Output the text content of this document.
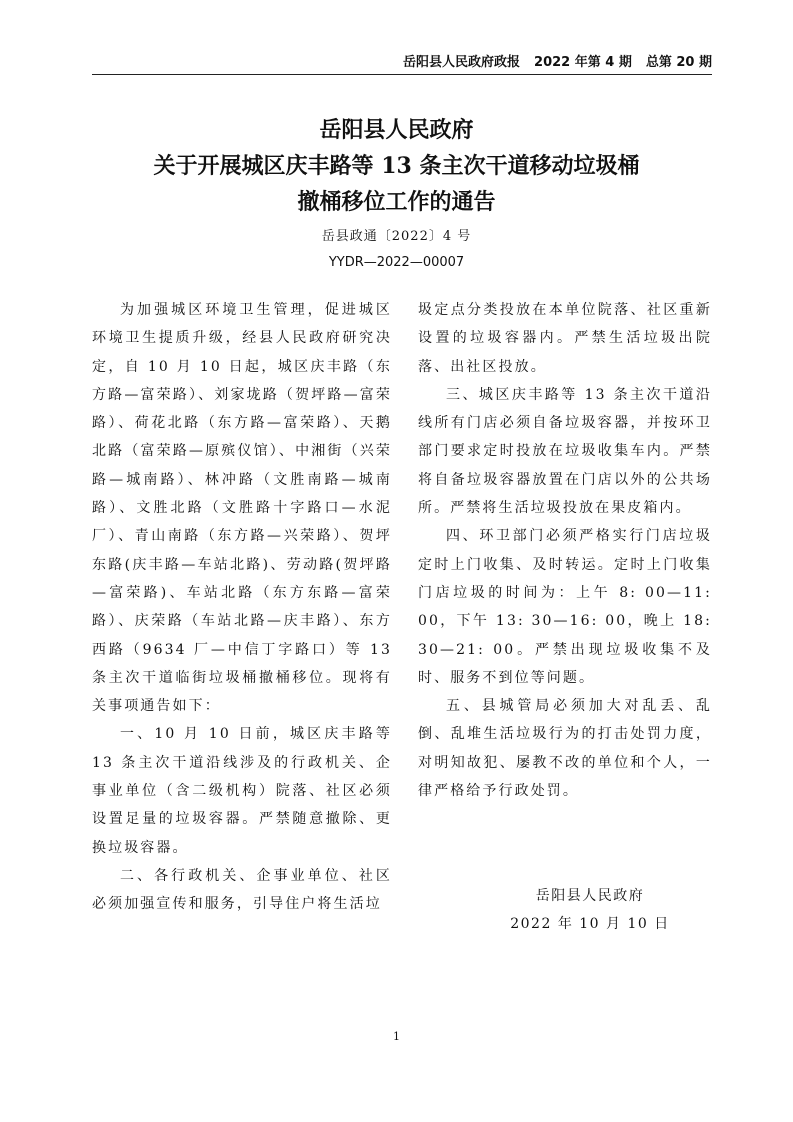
岳阳县人民政府政报 2022 年第 4 期 总第 20 期
岳阳县人民政府
关于开展城区庆丰路等 13 条主次干道移动垃圾桶
撤桶移位工作的通告
岳县政通〔2022〕4 号
YYDR—2022—00007

为加强城区环境卫生管理，促进城区环境卫生提质升级，经县人民政府研究决定，自 10 月 10 日起，城区庆丰路（东方路—富荣路）、刘家垅路（贺坪路—富荣路）、荷花北路（东方路—富荣路）、天鹅北路（富荣路—原殡仪馆）、中湘街（兴荣路—城南路）、林冲路（文胜南路—城南路）、文胜北路（文胜路十字路口—水泥厂）、青山南路（东方路—兴荣路）、贺坪东路(庆丰路—车站北路)、劳动路(贺坪路—富荣路)、车站北路（东方东路—富荣路）、庆荣路（车站北路—庆丰路）、东方西路（9634 厂—中信丁字路口）等 13 条主次干道临街垃圾桶撤桶移位。现将有关事项通告如下：

一、10 月 10 日前，城区庆丰路等 13 条主次干道沿线涉及的行政机关、企事业单位（含二级机构）院落、社区必须设置足量的垃圾容器。严禁随意撤除、更换垃圾容器。

二、各行政机关、企事业单位、社区必须加强宣传和服务，引导住户将生活垃

圾定点分类投放在本单位院落、社区重新设置的垃圾容器内。严禁生活垃圾出院落、出社区投放。

三、城区庆丰路等 13 条主次干道沿线所有门店必须自备垃圾容器，并按环卫部门要求定时投放在垃圾收集车内。严禁将自备垃圾容器放置在门店以外的公共场所。严禁将生活垃圾投放在果皮箱内。

四、环卫部门必须严格实行门店垃圾定时上门收集、及时转运。定时上门收集门店垃圾的时间为：上午 8: 00—11: 00，下午 13: 30—16: 00，晚上 18: 30—21: 00。严禁出现垃圾收集不及时、服务不到位等问题。

五、县城管局必须加大对乱丢、乱倒、乱堆生活垃圾行为的打击处罚力度，对明知故犯、屡教不改的单位和个人，一律严格给予行政处罚。

岳阳县人民政府
2022 年 10 月 10 日
1
